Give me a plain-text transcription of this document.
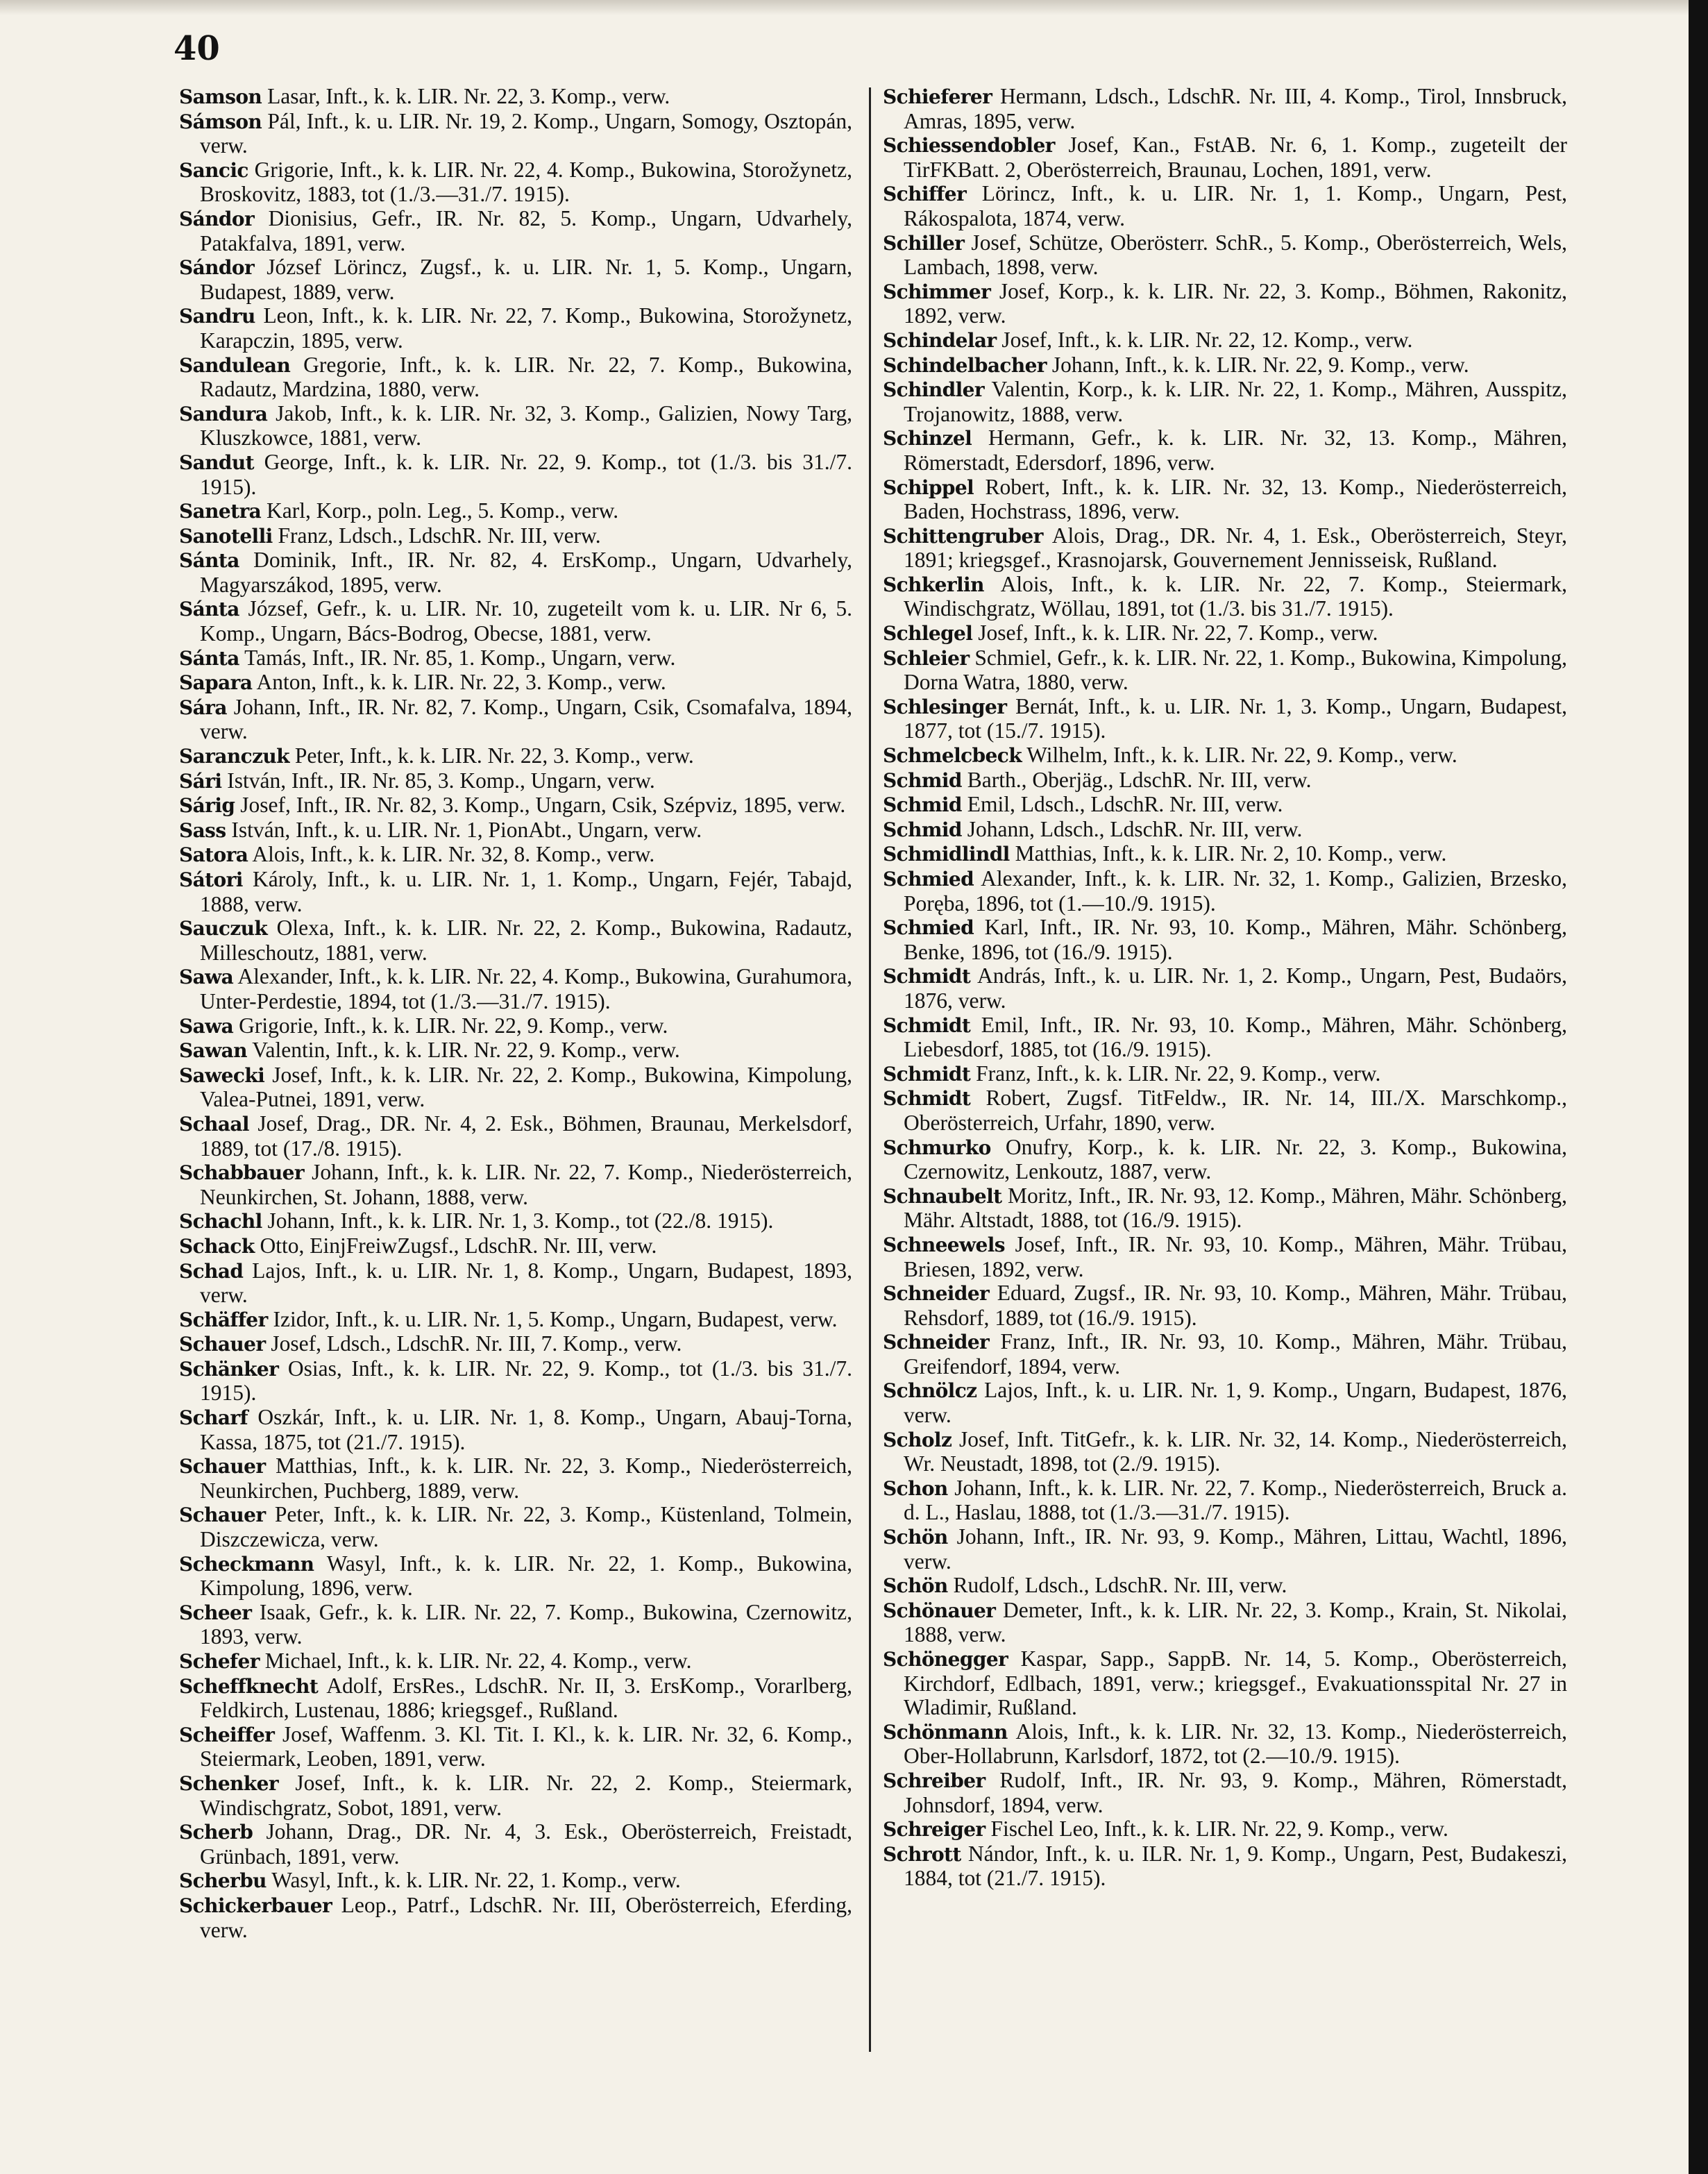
40

Samson Lasar, Inft., k. k. LIR. Nr. 22, 3. Komp., verw.

Sámson Pál, Inft., k. u. LIR. Nr. 19, 2. Komp., Ungarn, Somogy, Osztopán, verw.

Sancic Grigorie, Inft., k. k. LIR. Nr. 22, 4. Komp., Bukowina, Storožynetz, Broskovitz, 1883, tot (1./3.—31./7. 1915).

Sándor Dionisius, Gefr., IR. Nr. 82, 5. Komp., Ungarn, Udvarhely, Patakfalva, 1891, verw.

Sándor József Lörincz, Zugsf., k. u. LIR. Nr. 1, 5. Komp., Ungarn, Budapest, 1889, verw.

Sandru Leon, Inft., k. k. LIR. Nr. 22, 7. Komp., Bukowina, Storožynetz, Karapczin, 1895, verw.

Sandulean Gregorie, Inft., k. k. LIR. Nr. 22, 7. Komp., Bukowina, Radautz, Mardzina, 1880, verw.

Sandura Jakob, Inft., k. k. LIR. Nr. 32, 3. Komp., Galizien, Nowy Targ, Kluszkowce, 1881, verw.

Sandut George, Inft., k. k. LIR. Nr. 22, 9. Komp., tot (1./3. bis 31./7. 1915).

Sanetra Karl, Korp., poln. Leg., 5. Komp., verw.

Sanotelli Franz, Ldsch., LdschR. Nr. III, verw.

Sánta Dominik, Inft., IR. Nr. 82, 4. ErsKomp., Ungarn, Udvarhely, Magyarszákod, 1895, verw.

Sánta József, Gefr., k. u. LIR. Nr. 10, zugeteilt vom k. u. LIR. Nr 6, 5. Komp., Ungarn, Bács-Bodrog, Obecse, 1881, verw.

Sánta Tamás, Inft., IR. Nr. 85, 1. Komp., Ungarn, verw.

Sapara Anton, Inft., k. k. LIR. Nr. 22, 3. Komp., verw.

Sára Johann, Inft., IR. Nr. 82, 7. Komp., Ungarn, Csik, Csomafalva, 1894, verw.

Saranczuk Peter, Inft., k. k. LIR. Nr. 22, 3. Komp., verw.

Sári István, Inft., IR. Nr. 85, 3. Komp., Ungarn, verw.

Sárig Josef, Inft., IR. Nr. 82, 3. Komp., Ungarn, Csik, Szépviz, 1895, verw.

Sass István, Inft., k. u. LIR. Nr. 1, PionAbt., Ungarn, verw.

Satora Alois, Inft., k. k. LIR. Nr. 32, 8. Komp., verw.

Sátori Károly, Inft., k. u. LIR. Nr. 1, 1. Komp., Ungarn, Fejér, Tabajd, 1888, verw.

Sauczuk Olexa, Inft., k. k. LIR. Nr. 22, 2. Komp., Bukowina, Radautz, Milleschoutz, 1881, verw.

Sawa Alexander, Inft., k. k. LIR. Nr. 22, 4. Komp., Bukowina, Gurahumora, Unter-Perdestie, 1894, tot (1./3.—31./7. 1915).

Sawa Grigorie, Inft., k. k. LIR. Nr. 22, 9. Komp., verw.

Sawan Valentin, Inft., k. k. LIR. Nr. 22, 9. Komp., verw.

Sawecki Josef, Inft., k. k. LIR. Nr. 22, 2. Komp., Bukowina, Kimpolung, Valea-Putnei, 1891, verw.

Schaal Josef, Drag., DR. Nr. 4, 2. Esk., Böhmen, Braunau, Merkelsdorf, 1889, tot (17./8. 1915).

Schabbauer Johann, Inft., k. k. LIR. Nr. 22, 7. Komp., Niederösterreich, Neunkirchen, St. Johann, 1888, verw.

Schachl Johann, Inft., k. k. LIR. Nr. 1, 3. Komp., tot (22./8. 1915).

Schack Otto, EinjFreiwZugsf., LdschR. Nr. III, verw.

Schad Lajos, Inft., k. u. LIR. Nr. 1, 8. Komp., Ungarn, Budapest, 1893, verw.

Schäffer Izidor, Inft., k. u. LIR. Nr. 1, 5. Komp., Ungarn, Budapest, verw.

Schauer Josef, Ldsch., LdschR. Nr. III, 7. Komp., verw.

Schänker Osias, Inft., k. k. LIR. Nr. 22, 9. Komp., tot (1./3. bis 31./7. 1915).

Scharf Oszkár, Inft., k. u. LIR. Nr. 1, 8. Komp., Ungarn, Abauj-Torna, Kassa, 1875, tot (21./7. 1915).

Schauer Matthias, Inft., k. k. LIR. Nr. 22, 3. Komp., Niederösterreich, Neunkirchen, Puchberg, 1889, verw.

Schauer Peter, Inft., k. k. LIR. Nr. 22, 3. Komp., Küstenland, Tolmein, Diszczewicza, verw.

Scheckmann Wasyl, Inft., k. k. LIR. Nr. 22, 1. Komp., Bukowina, Kimpolung, 1896, verw.

Scheer Isaak, Gefr., k. k. LIR. Nr. 22, 7. Komp., Bukowina, Czernowitz, 1893, verw.

Schefer Michael, Inft., k. k. LIR. Nr. 22, 4. Komp., verw.

Scheffknecht Adolf, ErsRes., LdschR. Nr. II, 3. ErsKomp., Vorarlberg, Feldkirch, Lustenau, 1886; kriegsgef., Rußland.

Scheiffer Josef, Waffenm. 3. Kl. Tit. I. Kl., k. k. LIR. Nr. 32, 6. Komp., Steiermark, Leoben, 1891, verw.

Schenker Josef, Inft., k. k. LIR. Nr. 22, 2. Komp., Steiermark, Windischgratz, Sobot, 1891, verw.

Scherb Johann, Drag., DR. Nr. 4, 3. Esk., Oberösterreich, Freistadt, Grünbach, 1891, verw.

Scherbu Wasyl, Inft., k. k. LIR. Nr. 22, 1. Komp., verw.

Schickerbauer Leop., Patrf., LdschR. Nr. III, Oberösterreich, Eferding, verw.

Schieferer Hermann, Ldsch., LdschR. Nr. III, 4. Komp., Tirol, Innsbruck, Amras, 1895, verw.

Schiessendobler Josef, Kan., FstAB. Nr. 6, 1. Komp., zugeteilt der TirFKBatt. 2, Oberösterreich, Braunau, Lochen, 1891, verw.

Schiffer Lörincz, Inft., k. u. LIR. Nr. 1, 1. Komp., Ungarn, Pest, Rákospalota, 1874, verw.

Schiller Josef, Schütze, Oberösterr. SchR., 5. Komp., Oberösterreich, Wels, Lambach, 1898, verw.

Schimmer Josef, Korp., k. k. LIR. Nr. 22, 3. Komp., Böhmen, Rakonitz, 1892, verw.

Schindelar Josef, Inft., k. k. LIR. Nr. 22, 12. Komp., verw.

Schindelbacher Johann, Inft., k. k. LIR. Nr. 22, 9. Komp., verw.

Schindler Valentin, Korp., k. k. LIR. Nr. 22, 1. Komp., Mähren, Ausspitz, Trojanowitz, 1888, verw.

Schinzel Hermann, Gefr., k. k. LIR. Nr. 32, 13. Komp., Mähren, Römerstadt, Edersdorf, 1896, verw.

Schippel Robert, Inft., k. k. LIR. Nr. 32, 13. Komp., Niederösterreich, Baden, Hochstrass, 1896, verw.

Schittengruber Alois, Drag., DR. Nr. 4, 1. Esk., Oberösterreich, Steyr, 1891; kriegsgef., Krasnojarsk, Gouvernement Jennisseisk, Rußland.

Schkerlin Alois, Inft., k. k. LIR. Nr. 22, 7. Komp., Steiermark, Windischgratz, Wöllau, 1891, tot (1./3. bis 31./7. 1915).

Schlegel Josef, Inft., k. k. LIR. Nr. 22, 7. Komp., verw.

Schleier Schmiel, Gefr., k. k. LIR. Nr. 22, 1. Komp., Bukowina, Kimpolung, Dorna Watra, 1880, verw.

Schlesinger Bernát, Inft., k. u. LIR. Nr. 1, 3. Komp., Ungarn, Budapest, 1877, tot (15./7. 1915).

Schmelcbeck Wilhelm, Inft., k. k. LIR. Nr. 22, 9. Komp., verw.

Schmid Barth., Oberjäg., LdschR. Nr. III, verw.

Schmid Emil, Ldsch., LdschR. Nr. III, verw.

Schmid Johann, Ldsch., LdschR. Nr. III, verw.

Schmidlindl Matthias, Inft., k. k. LIR. Nr. 2, 10. Komp., verw.

Schmied Alexander, Inft., k. k. LIR. Nr. 32, 1. Komp., Galizien, Brzesko, Poręba, 1896, tot (1.—10./9. 1915).

Schmied Karl, Inft., IR. Nr. 93, 10. Komp., Mähren, Mähr. Schönberg, Benke, 1896, tot (16./9. 1915).

Schmidt András, Inft., k. u. LIR. Nr. 1, 2. Komp., Ungarn, Pest, Budaörs, 1876, verw.

Schmidt Emil, Inft., IR. Nr. 93, 10. Komp., Mähren, Mähr. Schönberg, Liebesdorf, 1885, tot (16./9. 1915).

Schmidt Franz, Inft., k. k. LIR. Nr. 22, 9. Komp., verw.

Schmidt Robert, Zugsf. TitFeldw., IR. Nr. 14, III./X. Marschkomp., Oberösterreich, Urfahr, 1890, verw.

Schmurko Onufry, Korp., k. k. LIR. Nr. 22, 3. Komp., Bukowina, Czernowitz, Lenkoutz, 1887, verw.

Schnaubelt Moritz, Inft., IR. Nr. 93, 12. Komp., Mähren, Mähr. Schönberg, Mähr. Altstadt, 1888, tot (16./9. 1915).

Schneewels Josef, Inft., IR. Nr. 93, 10. Komp., Mähren, Mähr. Trübau, Briesen, 1892, verw.

Schneider Eduard, Zugsf., IR. Nr. 93, 10. Komp., Mähren, Mähr. Trübau, Rehsdorf, 1889, tot (16./9. 1915).

Schneider Franz, Inft., IR. Nr. 93, 10. Komp., Mähren, Mähr. Trübau, Greifendorf, 1894, verw.

Schnölcz Lajos, Inft., k. u. LIR. Nr. 1, 9. Komp., Ungarn, Budapest, 1876, verw.

Scholz Josef, Inft. TitGefr., k. k. LIR. Nr. 32, 14. Komp., Niederösterreich, Wr. Neustadt, 1898, tot (2./9. 1915).

Schon Johann, Inft., k. k. LIR. Nr. 22, 7. Komp., Niederösterreich, Bruck a. d. L., Haslau, 1888, tot (1./3.—31./7. 1915).

Schön Johann, Inft., IR. Nr. 93, 9. Komp., Mähren, Littau, Wachtl, 1896, verw.

Schön Rudolf, Ldsch., LdschR. Nr. III, verw.

Schönauer Demeter, Inft., k. k. LIR. Nr. 22, 3. Komp., Krain, St. Nikolai, 1888, verw.

Schönegger Kaspar, Sapp., SappB. Nr. 14, 5. Komp., Oberösterreich, Kirchdorf, Edlbach, 1891, verw.; kriegsgef., Evakuationsspital Nr. 27 in Wladimir, Rußland.

Schönmann Alois, Inft., k. k. LIR. Nr. 32, 13. Komp., Niederösterreich, Ober-Hollabrunn, Karlsdorf, 1872, tot (2.—10./9. 1915).

Schreiber Rudolf, Inft., IR. Nr. 93, 9. Komp., Mähren, Römerstadt, Johnsdorf, 1894, verw.

Schreiger Fischel Leo, Inft., k. k. LIR. Nr. 22, 9. Komp., verw.

Schrott Nándor, Inft., k. u. ILR. Nr. 1, 9. Komp., Ungarn, Pest, Budakeszi, 1884, tot (21./7. 1915).
